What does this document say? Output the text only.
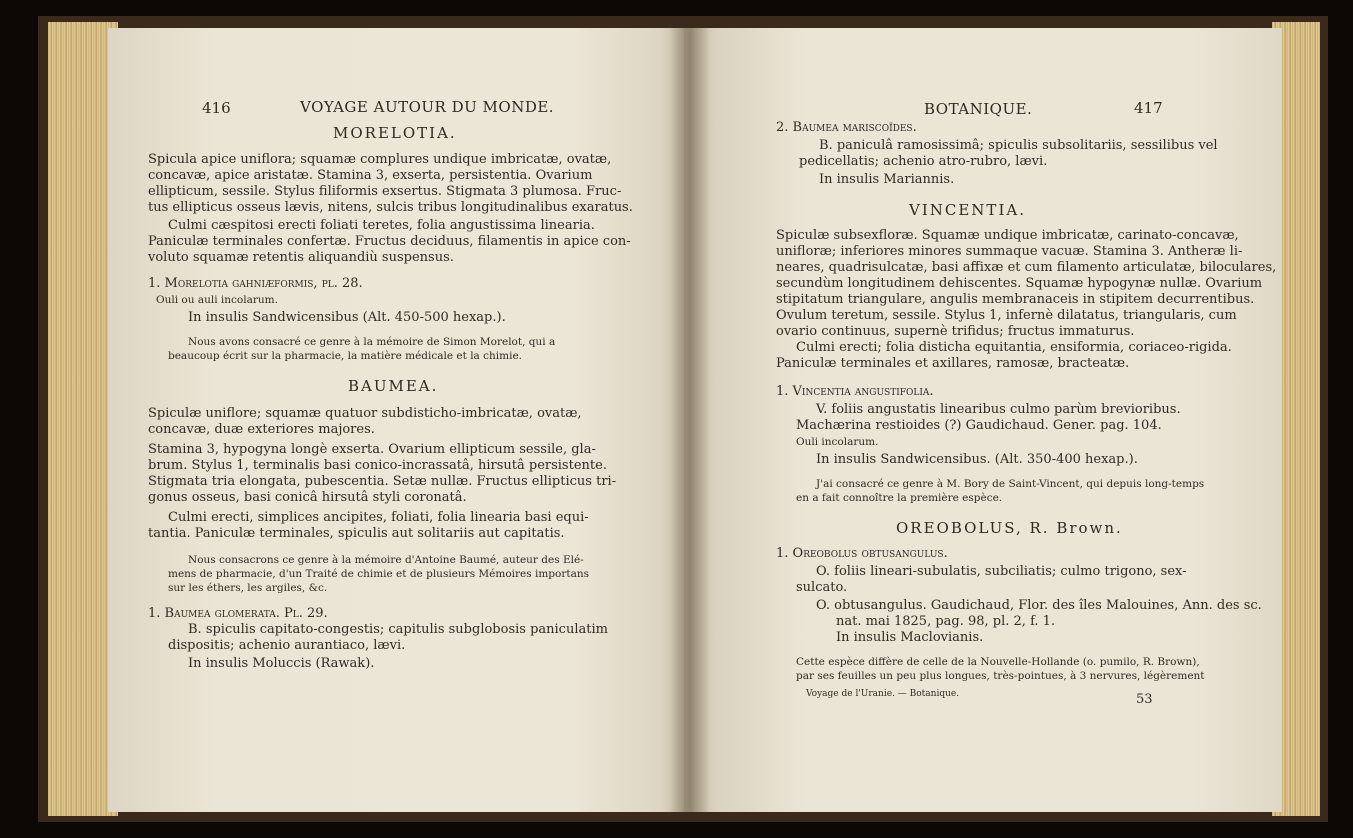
416	VOYAGE AUTOUR DU MONDE.
MORELOTIA.
Spicula apice uniflora; squamæ complures undique imbricatæ, ovatæ,
concavæ, apice aristatæ. Stamina 3, exserta, persistentia. Ovarium
ellipticum, sessile. Stylus filiformis exsertus. Stigmata 3 plumosa. Fruc-
tus ellipticus osseus lævis, nitens, sulcis tribus longitudinalibus exaratus.
Culmi cæspitosi erecti foliati teretes, folia angustissima linearia.
Paniculæ terminales confertæ. Fructus deciduus, filamentis in apice con-
voluto squamæ retentis aliquandiù suspensus.
1. Morelotia gahniæformis, pl. 28.
Ouli ou auli incolarum.
In insulis Sandwicensibus (Alt. 450-500 hexap.).
Nous avons consacré ce genre à la mémoire de Simon Morelot, qui a
beaucoup écrit sur la pharmacie, la matière médicale et la chimie.
BAUMEA.
Spiculæ uniflore; squamæ quatuor subdisticho-imbricatæ, ovatæ,
concavæ, duæ exteriores majores.
Stamina 3, hypogyna longè exserta. Ovarium ellipticum sessile, gla-
brum. Stylus 1, terminalis basi conico-incrassatâ, hirsutâ persistente.
Stigmata tria elongata, pubescentia. Setæ nullæ. Fructus ellipticus tri-
gonus osseus, basi conicâ hirsutâ styli coronatâ.
Culmi erecti, simplices ancipites, foliati, folia linearia basi equi-
tantia. Paniculæ terminales, spiculis aut solitariis aut capitatis.
Nous consacrons ce genre à la mémoire d'Antoine Baumé, auteur des Elé-
mens de pharmacie, d'un Traité de chimie et de plusieurs Mémoires importans
sur les éthers, les argiles, &c.
1. Baumea glomerata. Pl. 29.
B. spiculis capitato-congestis; capitulis subglobosis paniculatim
dispositis; achenio aurantiaco, lævi.
In insulis Moluccis (Rawak).
BOTANIQUE.	417
2. Baumea mariscoïdes.
B. paniculâ ramosissimâ; spiculis subsolitariis, sessilibus vel
pedicellatis; achenio atro-rubro, lævi.
In insulis Mariannis.
VINCENTIA.
Spiculæ subsexfloræ. Squamæ undique imbricatæ, carinato-concavæ,
unifloræ; inferiores minores summaque vacuæ. Stamina 3. Antheræ li-
neares, quadrisulcatæ, basi affixæ et cum filamento articulatæ, biloculares,
secundùm longitudinem dehiscentes. Squamæ hypogynæ nullæ. Ovarium
stipitatum triangulare, angulis membranaceis in stipitem decurrentibus.
Ovulum teretum, sessile. Stylus 1, infernè dilatatus, triangularis, cum
ovario continuus, supernè trifidus; fructus immaturus.
Culmi erecti; folia disticha equitantia, ensiformia, coriaceo-rigida.
Paniculæ terminales et axillares, ramosæ, bracteatæ.
1. Vincentia angustifolia.
V. foliis angustatis linearibus culmo parùm brevioribus.
Machærina restioides (?) Gaudichaud. Gener. pag. 104.
Ouli incolarum.
In insulis Sandwicensibus. (Alt. 350-400 hexap.).
J'ai consacré ce genre à M. Bory de Saint-Vincent, qui depuis long-temps
en a fait connoître la première espèce.
OREOBOLUS, R. Brown.
1. Oreobolus obtusangulus.
O. foliis lineari-subulatis, subciliatis; culmo trigono, sex-
sulcato.
O. obtusangulus. Gaudichaud, Flor. des îles Malouines, Ann. des sc.
nat. mai 1825, pag. 98, pl. 2, f. 1.
In insulis Maclovianis.
Cette espèce diffère de celle de la Nouvelle-Hollande (o. pumilo, R. Brown),
par ses feuilles un peu plus longues, très-pointues, à 3 nervures, légèrement
Voyage de l'Uranie. — Botanique.	53
